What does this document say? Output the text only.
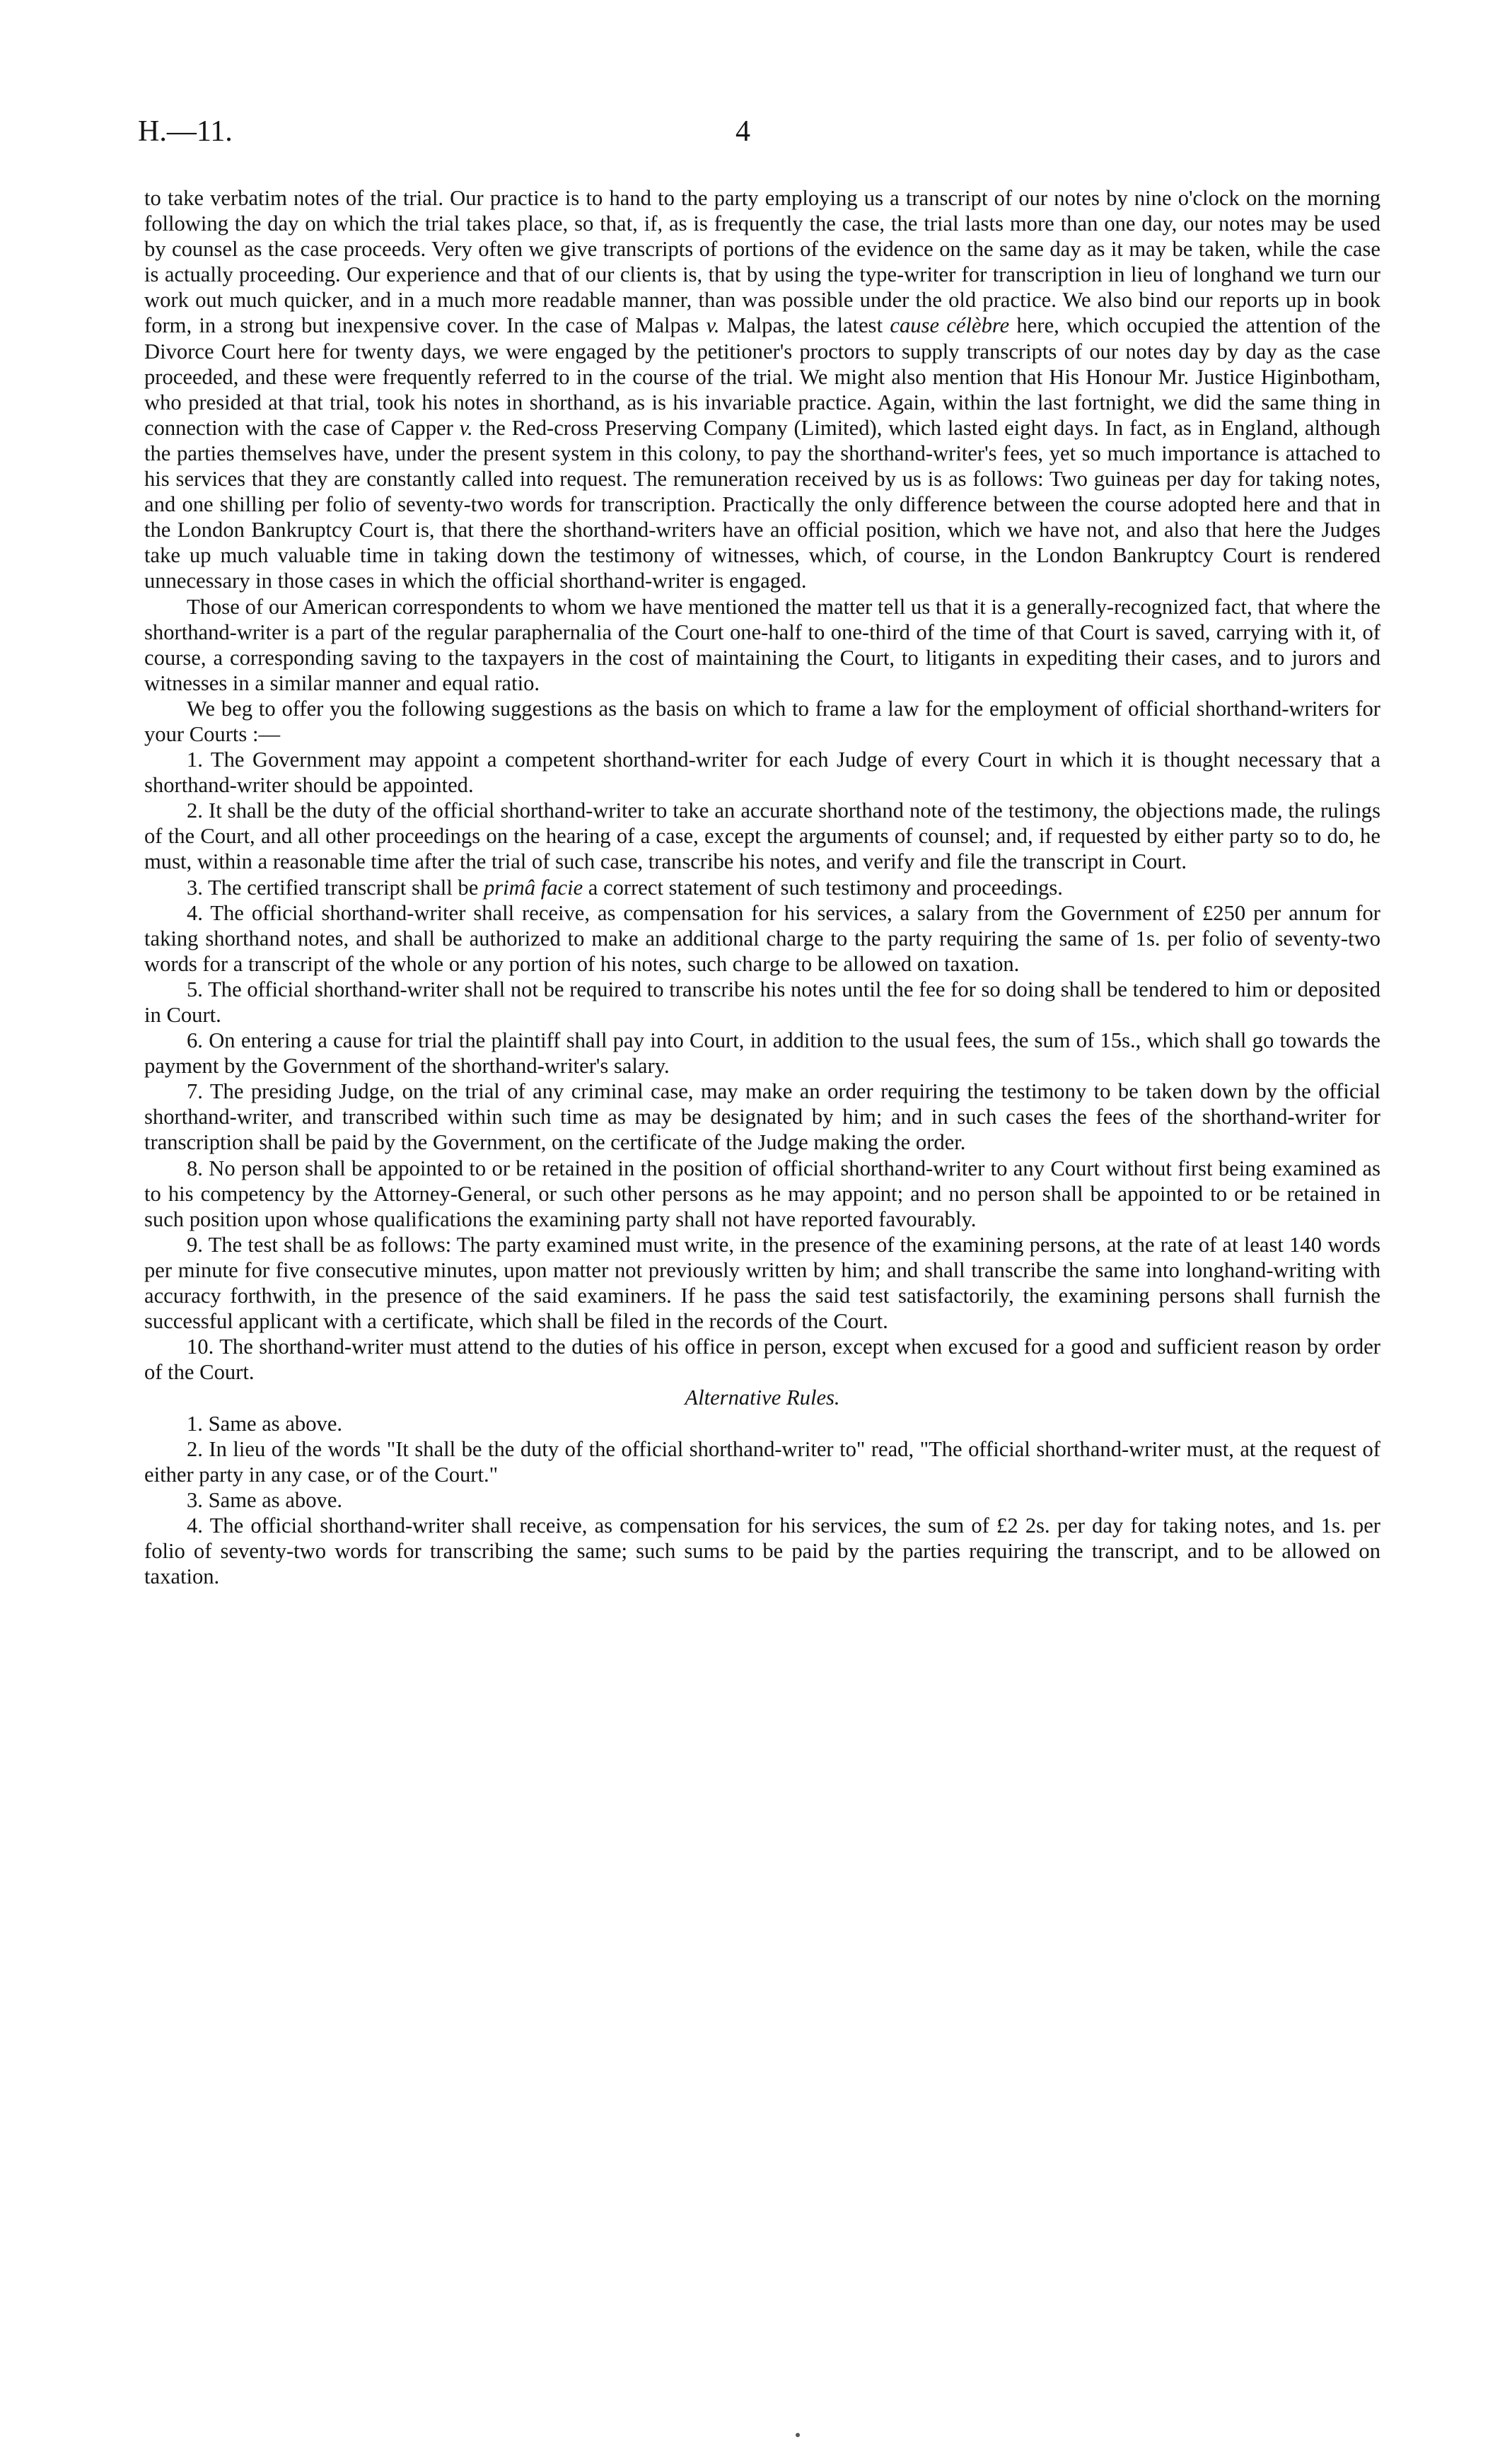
H.—11.	4

to take verbatim notes of the trial. Our practice is to hand to the party employing us a transcript of our notes by nine o'clock on the morning following the day on which the trial takes place, so that, if, as is frequently the case, the trial lasts more than one day, our notes may be used by counsel as the case proceeds. Very often we give transcripts of portions of the evidence on the same day as it may be taken, while the case is actually proceeding. Our experience and that of our clients is, that by using the type-writer for transcription in lieu of longhand we turn our work out much quicker, and in a much more readable manner, than was possible under the old practice. We also bind our reports up in book form, in a strong but inexpensive cover. In the case of Malpas v. Malpas, the latest cause célèbre here, which occupied the attention of the Divorce Court here for twenty days, we were engaged by the petitioner's proctors to supply transcripts of our notes day by day as the case proceeded, and these were frequently referred to in the course of the trial. We might also mention that His Honour Mr. Justice Higinbotham, who presided at that trial, took his notes in shorthand, as is his invariable practice. Again, within the last fortnight, we did the same thing in connection with the case of Capper v. the Red-cross Preserving Company (Limited), which lasted eight days. In fact, as in England, although the parties themselves have, under the present system in this colony, to pay the shorthand-writer's fees, yet so much importance is attached to his services that they are constantly called into request. The remuneration received by us is as follows: Two guineas per day for taking notes, and one shilling per folio of seventy-two words for transcription. Practically the only difference between the course adopted here and that in the London Bankruptcy Court is, that there the shorthand-writers have an official position, which we have not, and also that here the Judges take up much valuable time in taking down the testimony of witnesses, which, of course, in the London Bankruptcy Court is rendered unnecessary in those cases in which the official shorthand-writer is engaged.

Those of our American correspondents to whom we have mentioned the matter tell us that it is a generally-recognized fact, that where the shorthand-writer is a part of the regular paraphernalia of the Court one-half to one-third of the time of that Court is saved, carrying with it, of course, a corresponding saving to the taxpayers in the cost of maintaining the Court, to litigants in expediting their cases, and to jurors and witnesses in a similar manner and equal ratio.

We beg to offer you the following suggestions as the basis on which to frame a law for the employment of official shorthand-writers for your Courts :—

1. The Government may appoint a competent shorthand-writer for each Judge of every Court in which it is thought necessary that a shorthand-writer should be appointed.

2. It shall be the duty of the official shorthand-writer to take an accurate shorthand note of the testimony, the objections made, the rulings of the Court, and all other proceedings on the hearing of a case, except the arguments of counsel; and, if requested by either party so to do, he must, within a reasonable time after the trial of such case, transcribe his notes, and verify and file the transcript in Court.

3. The certified transcript shall be primâ facie a correct statement of such testimony and proceedings.

4. The official shorthand-writer shall receive, as compensation for his services, a salary from the Government of £250 per annum for taking shorthand notes, and shall be authorized to make an additional charge to the party requiring the same of 1s. per folio of seventy-two words for a transcript of the whole or any portion of his notes, such charge to be allowed on taxation.

5. The official shorthand-writer shall not be required to transcribe his notes until the fee for so doing shall be tendered to him or deposited in Court.

6. On entering a cause for trial the plaintiff shall pay into Court, in addition to the usual fees, the sum of 15s., which shall go towards the payment by the Government of the shorthand-writer's salary.

7. The presiding Judge, on the trial of any criminal case, may make an order requiring the testimony to be taken down by the official shorthand-writer, and transcribed within such time as may be designated by him; and in such cases the fees of the shorthand-writer for transcription shall be paid by the Government, on the certificate of the Judge making the order.

8. No person shall be appointed to or be retained in the position of official shorthand-writer to any Court without first being examined as to his competency by the Attorney-General, or such other persons as he may appoint; and no person shall be appointed to or be retained in such position upon whose qualifications the examining party shall not have reported favourably.

9. The test shall be as follows: The party examined must write, in the presence of the examining persons, at the rate of at least 140 words per minute for five consecutive minutes, upon matter not previously written by him; and shall transcribe the same into longhand-writing with accuracy forthwith, in the presence of the said examiners. If he pass the said test satisfactorily, the examining persons shall furnish the successful applicant with a certificate, which shall be filed in the records of the Court.

10. The shorthand-writer must attend to the duties of his office in person, except when excused for a good and sufficient reason by order of the Court.

Alternative Rules.

1. Same as above.

2. In lieu of the words "It shall be the duty of the official shorthand-writer to" read, "The official shorthand-writer must, at the request of either party in any case, or of the Court."

3. Same as above.

4. The official shorthand-writer shall receive, as compensation for his services, the sum of £2 2s. per day for taking notes, and 1s. per folio of seventy-two words for transcribing the same; such sums to be paid by the parties requiring the transcript, and to be allowed on taxation.
